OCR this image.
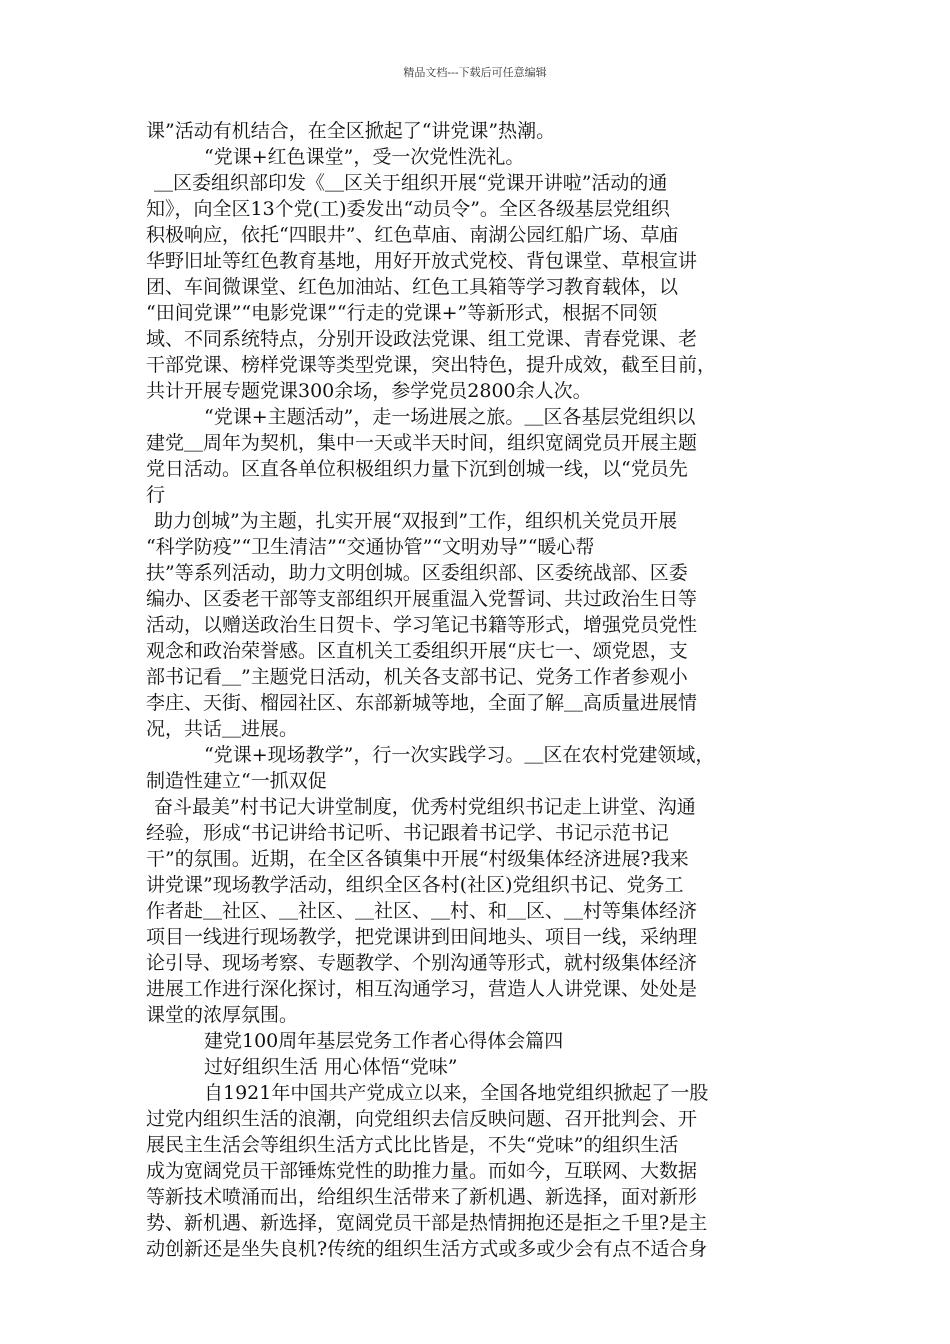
精品文档---下载后可任意编辑
课”活动有机结合，在全区掀起了“讲党课”热潮。
“党课+红色课堂”，受一次党性洗礼。
＿区委组织部印发《＿区关于组织开展“党课开讲啦”活动的通
知》，向全区13个党(工)委发出“动员令”。全区各级基层党组织
积极响应，依托“四眼井”、红色草庙、南湖公园红船广场、草庙
华野旧址等红色教育基地，用好开放式党校、背包课堂、草根宣讲
团、车间微课堂、红色加油站、红色工具箱等学习教育载体，以
“田间党课”“电影党课”“行走的党课+”等新形式，根据不同领
域、不同系统特点，分别开设政法党课、组工党课、青春党课、老
干部党课、榜样党课等类型党课，突出特色，提升成效，截至目前，
共计开展专题党课300余场，参学党员2800余人次。
“党课+主题活动”，走一场进展之旅。＿区各基层党组织以
建党＿周年为契机，集中一天或半天时间，组织宽阔党员开展主题
党日活动。区直各单位积极组织力量下沉到创城一线，以“党员先
行
助力创城”为主题，扎实开展“双报到”工作，组织机关党员开展
“科学防疫”“卫生清洁”“交通协管”“文明劝导”“暖心帮
扶”等系列活动，助力文明创城。区委组织部、区委统战部、区委
编办、区委老干部等支部组织开展重温入党誓词、共过政治生日等
活动，以赠送政治生日贺卡、学习笔记书籍等形式，增强党员党性
观念和政治荣誉感。区直机关工委组织开展“庆七一、颂党恩，支
部书记看＿”主题党日活动，机关各支部书记、党务工作者参观小
李庄、天街、榴园社区、东部新城等地，全面了解＿高质量进展情
况，共话＿进展。
“党课+现场教学”，行一次实践学习。＿区在农村党建领域，
制造性建立“一抓双促
奋斗最美”村书记大讲堂制度，优秀村党组织书记走上讲堂、沟通
经验，形成“书记讲给书记听、书记跟着书记学、书记示范书记
干”的氛围。近期，在全区各镇集中开展“村级集体经济进展?我来
讲党课”现场教学活动，组织全区各村(社区)党组织书记、党务工
作者赴＿社区、＿社区、＿社区、＿村、和＿区、＿村等集体经济
项目一线进行现场教学，把党课讲到田间地头、项目一线，采纳理
论引导、现场考察、专题教学、个别沟通等形式，就村级集体经济
进展工作进行深化探讨，相互沟通学习，营造人人讲党课、处处是
课堂的浓厚氛围。
建党100周年基层党务工作者心得体会篇四
过好组织生活 用心体悟“党味”
自1921年中国共产党成立以来，全国各地党组织掀起了一股
过党内组织生活的浪潮，向党组织去信反映问题、召开批判会、开
展民主生活会等组织生活方式比比皆是，不失“党味”的组织生活
成为宽阔党员干部锤炼党性的助推力量。而如今，互联网、大数据
等新技术喷涌而出，给组织生活带来了新机遇、新选择，面对新形
势、新机遇、新选择，宽阔党员干部是热情拥抱还是拒之千里?是主
动创新还是坐失良机?传统的组织生活方式或多或少会有点不适合身
